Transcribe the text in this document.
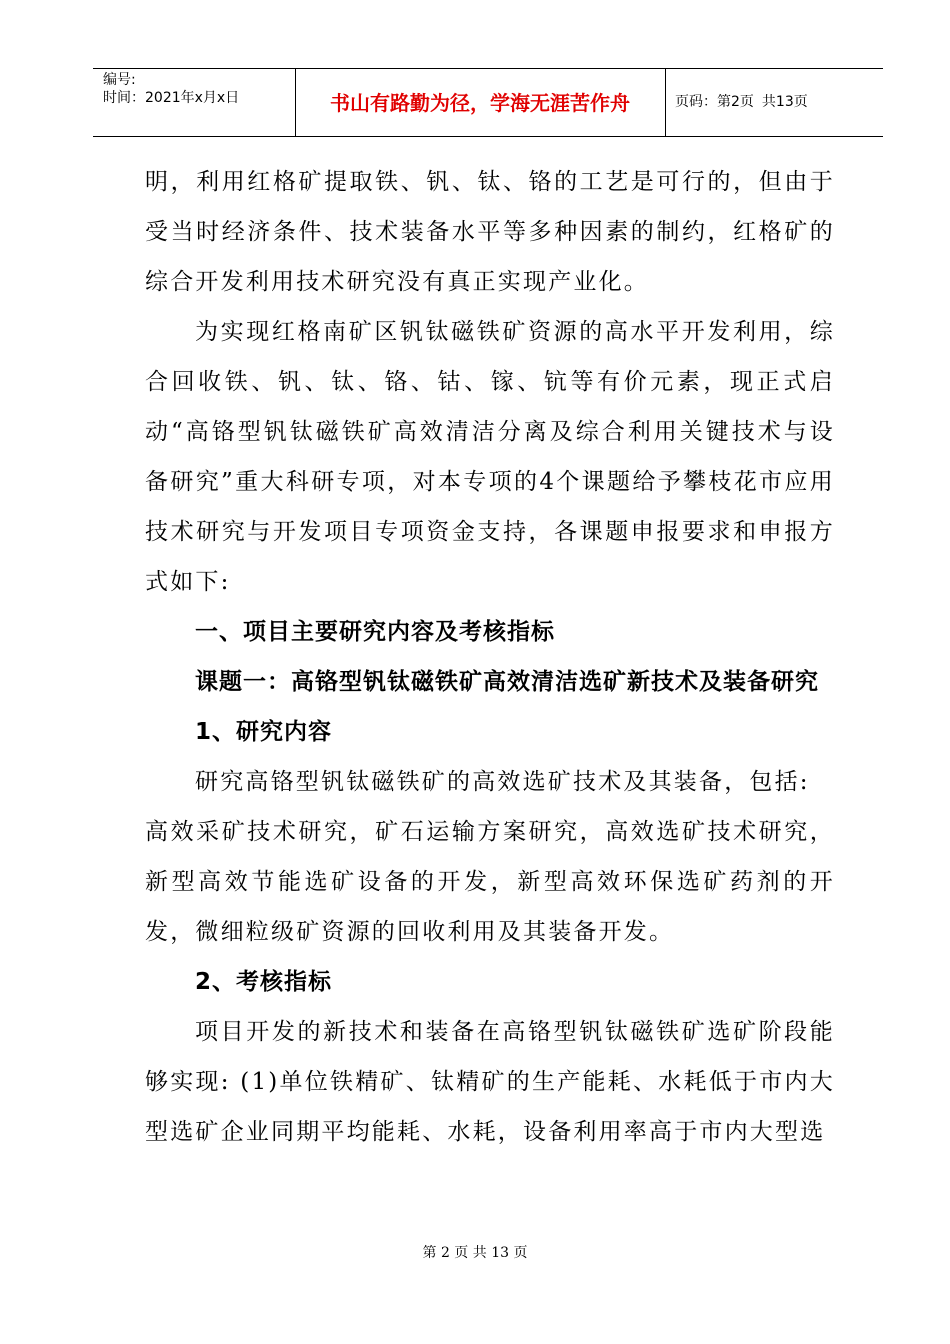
编号:
时间：2021年x月x日	书山有路勤为径，学海无涯苦作舟	页码：第2页 共13页

明，利用红格矿提取铁、钒、钛、铬的工艺是可行的，但由于受当时经济条件、技术装备水平等多种因素的制约，红格矿的综合开发利用技术研究没有真正实现产业化。

为实现红格南矿区钒钛磁铁矿资源的高水平开发利用，综合回收铁、钒、钛、铬、钴、镓、钪等有价元素，现正式启动“高铬型钒钛磁铁矿高效清洁分离及综合利用关键技术与设备研究”重大科研专项，对本专项的4个课题给予攀枝花市应用技术研究与开发项目专项资金支持，各课题申报要求和申报方式如下:

一、项目主要研究内容及考核指标

课题一：高铬型钒钛磁铁矿高效清洁选矿新技术及装备研究

1、研究内容

研究高铬型钒钛磁铁矿的高效选矿技术及其装备，包括:

高效采矿技术研究，矿石运输方案研究，高效选矿技术研究，新型高效节能选矿设备的开发，新型高效环保选矿药剂的开发，微细粒级矿资源的回收利用及其装备开发。

2、考核指标

项目开发的新技术和装备在高铬型钒钛磁铁矿选矿阶段能够实现: (1)单位铁精矿、钛精矿的生产能耗、水耗低于市内大型选矿企业同期平均能耗、水耗，设备利用率高于市内大型选

第 2 页 共 13 页
